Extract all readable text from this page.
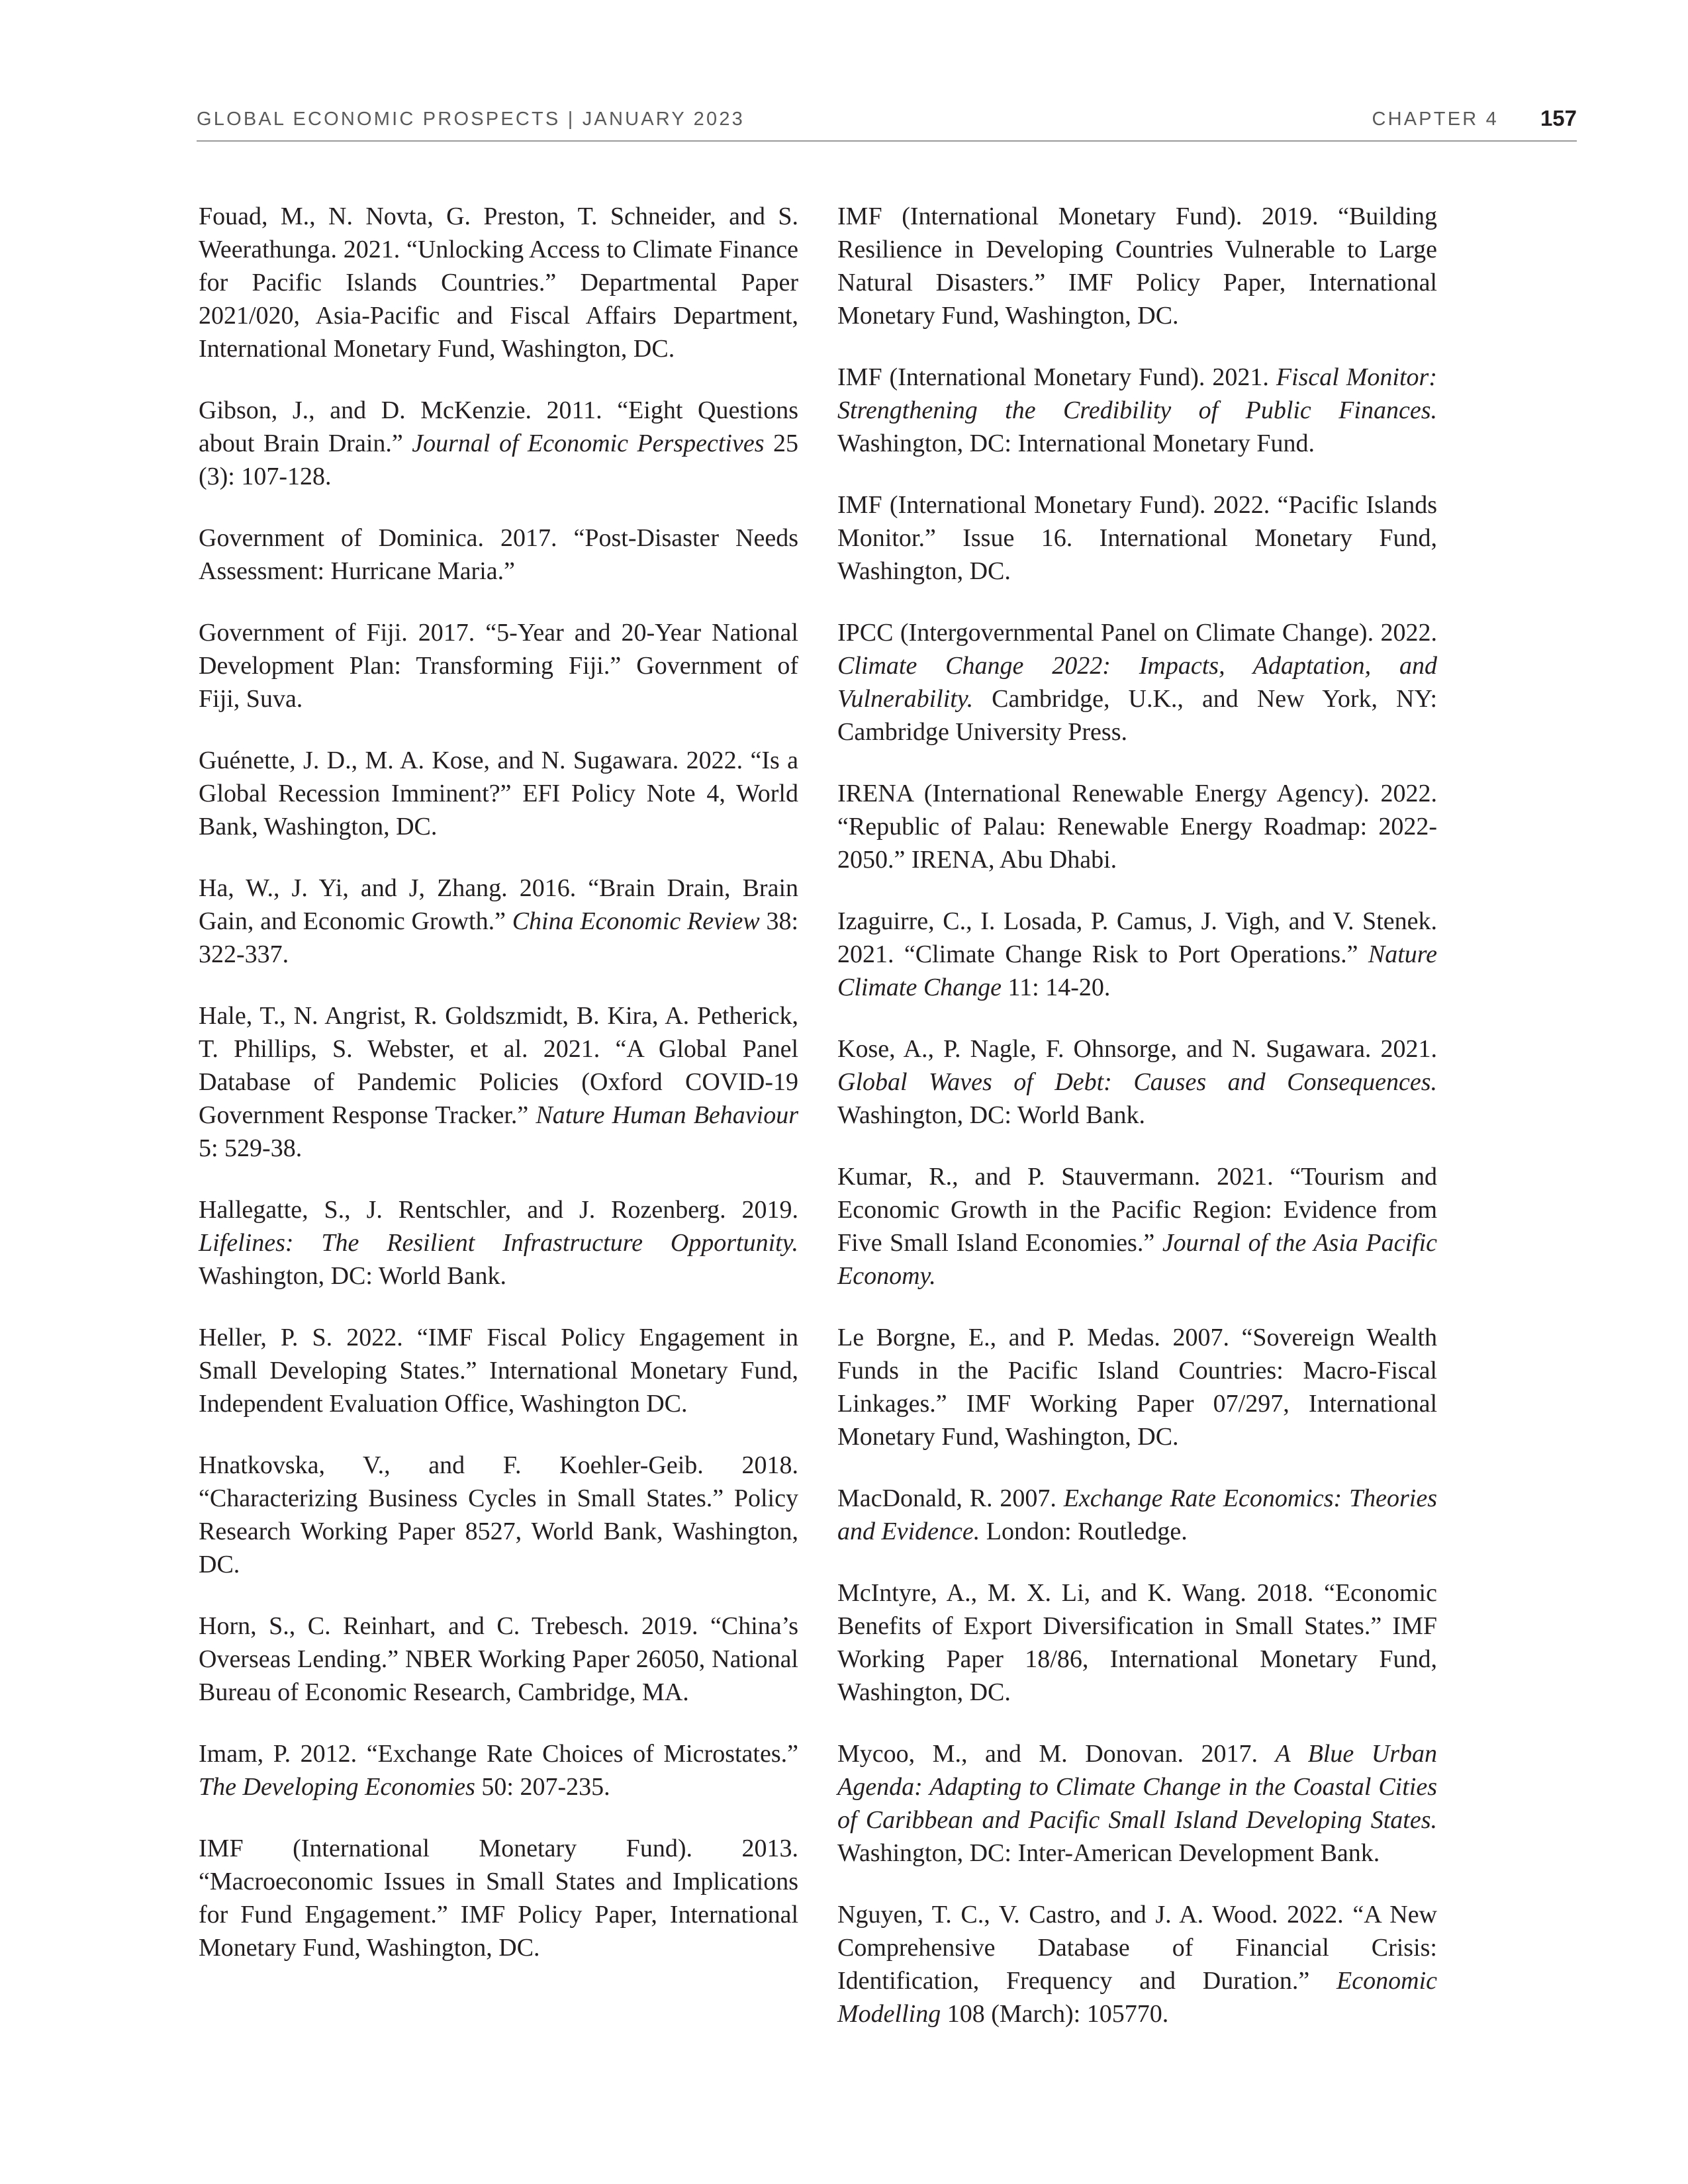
GLOBAL ECONOMIC PROSPECTS | JANUARY 2023	CHAPTER 4 157

Fouad, M., N. Novta, G. Preston, T. Schneider, and S. Weerathunga. 2021. “Unlocking Access to Climate Finance for Pacific Islands Countries.” Departmental Paper 2021/020, Asia-Pacific and Fiscal Affairs Department, International Monetary Fund, Washington, DC.

Gibson, J., and D. McKenzie. 2011. “Eight Questions about Brain Drain.” Journal of Economic Perspectives 25 (3): 107-128.

Government of Dominica. 2017. “Post-Disaster Needs Assessment: Hurricane Maria.”

Government of Fiji. 2017. “5-Year and 20-Year National Development Plan: Transforming Fiji.” Government of Fiji, Suva.

Guénette, J. D., M. A. Kose, and N. Sugawara. 2022. “Is a Global Recession Imminent?” EFI Policy Note 4, World Bank, Washington, DC.

Ha, W., J. Yi, and J, Zhang. 2016. “Brain Drain, Brain Gain, and Economic Growth.” China Economic Review 38: 322-337.

Hale, T., N. Angrist, R. Goldszmidt, B. Kira, A. Petherick, T. Phillips, S. Webster, et al. 2021. “A Global Panel Database of Pandemic Policies (Oxford COVID-19 Government Response Tracker.” Nature Human Behaviour 5: 529-38.

Hallegatte, S., J. Rentschler, and J. Rozenberg. 2019. Lifelines: The Resilient Infrastructure Opportunity. Washington, DC: World Bank.

Heller, P. S. 2022. “IMF Fiscal Policy Engagement in Small Developing States.” International Monetary Fund, Independent Evaluation Office, Washington DC.

Hnatkovska, V., and F. Koehler-Geib. 2018. “Characterizing Business Cycles in Small States.” Policy Research Working Paper 8527, World Bank, Washington, DC.

Horn, S., C. Reinhart, and C. Trebesch. 2019. “China’s Overseas Lending.” NBER Working Paper 26050, National Bureau of Economic Research, Cambridge, MA.

Imam, P. 2012. “Exchange Rate Choices of Microstates.” The Developing Economies 50: 207-235.

IMF (International Monetary Fund). 2013. “Macroeconomic Issues in Small States and Implications for Fund Engagement.” IMF Policy Paper, International Monetary Fund, Washington, DC.

IMF (International Monetary Fund). 2019. “Building Resilience in Developing Countries Vulnerable to Large Natural Disasters.” IMF Policy Paper, International Monetary Fund, Washington, DC.

IMF (International Monetary Fund). 2021. Fiscal Monitor: Strengthening the Credibility of Public Finances. Washington, DC: International Monetary Fund.

IMF (International Monetary Fund). 2022. “Pacific Islands Monitor.” Issue 16. International Monetary Fund, Washington, DC.

IPCC (Intergovernmental Panel on Climate Change). 2022. Climate Change 2022: Impacts, Adaptation, and Vulnerability. Cambridge, U.K., and New York, NY: Cambridge University Press.

IRENA (International Renewable Energy Agency). 2022. “Republic of Palau: Renewable Energy Roadmap: 2022-2050.” IRENA, Abu Dhabi.

Izaguirre, C., I. Losada, P. Camus, J. Vigh, and V. Stenek. 2021. “Climate Change Risk to Port Operations.” Nature Climate Change 11: 14-20.

Kose, A., P. Nagle, F. Ohnsorge, and N. Sugawara. 2021. Global Waves of Debt: Causes and Consequences. Washington, DC: World Bank.

Kumar, R., and P. Stauvermann. 2021. “Tourism and Economic Growth in the Pacific Region: Evidence from Five Small Island Economies.” Journal of the Asia Pacific Economy.

Le Borgne, E., and P. Medas. 2007. “Sovereign Wealth Funds in the Pacific Island Countries: Macro-Fiscal Linkages.” IMF Working Paper 07/297, International Monetary Fund, Washington, DC.

MacDonald, R. 2007. Exchange Rate Economics: Theories and Evidence. London: Routledge.

McIntyre, A., M. X. Li, and K. Wang. 2018. “Economic Benefits of Export Diversification in Small States.” IMF Working Paper 18/86, International Monetary Fund, Washington, DC.

Mycoo, M., and M. Donovan. 2017. A Blue Urban Agenda: Adapting to Climate Change in the Coastal Cities of Caribbean and Pacific Small Island Developing States. Washington, DC: Inter-American Development Bank.

Nguyen, T. C., V. Castro, and J. A. Wood. 2022. “A New Comprehensive Database of Financial Crisis: Identification, Frequency and Duration.” Economic Modelling 108 (March): 105770.
